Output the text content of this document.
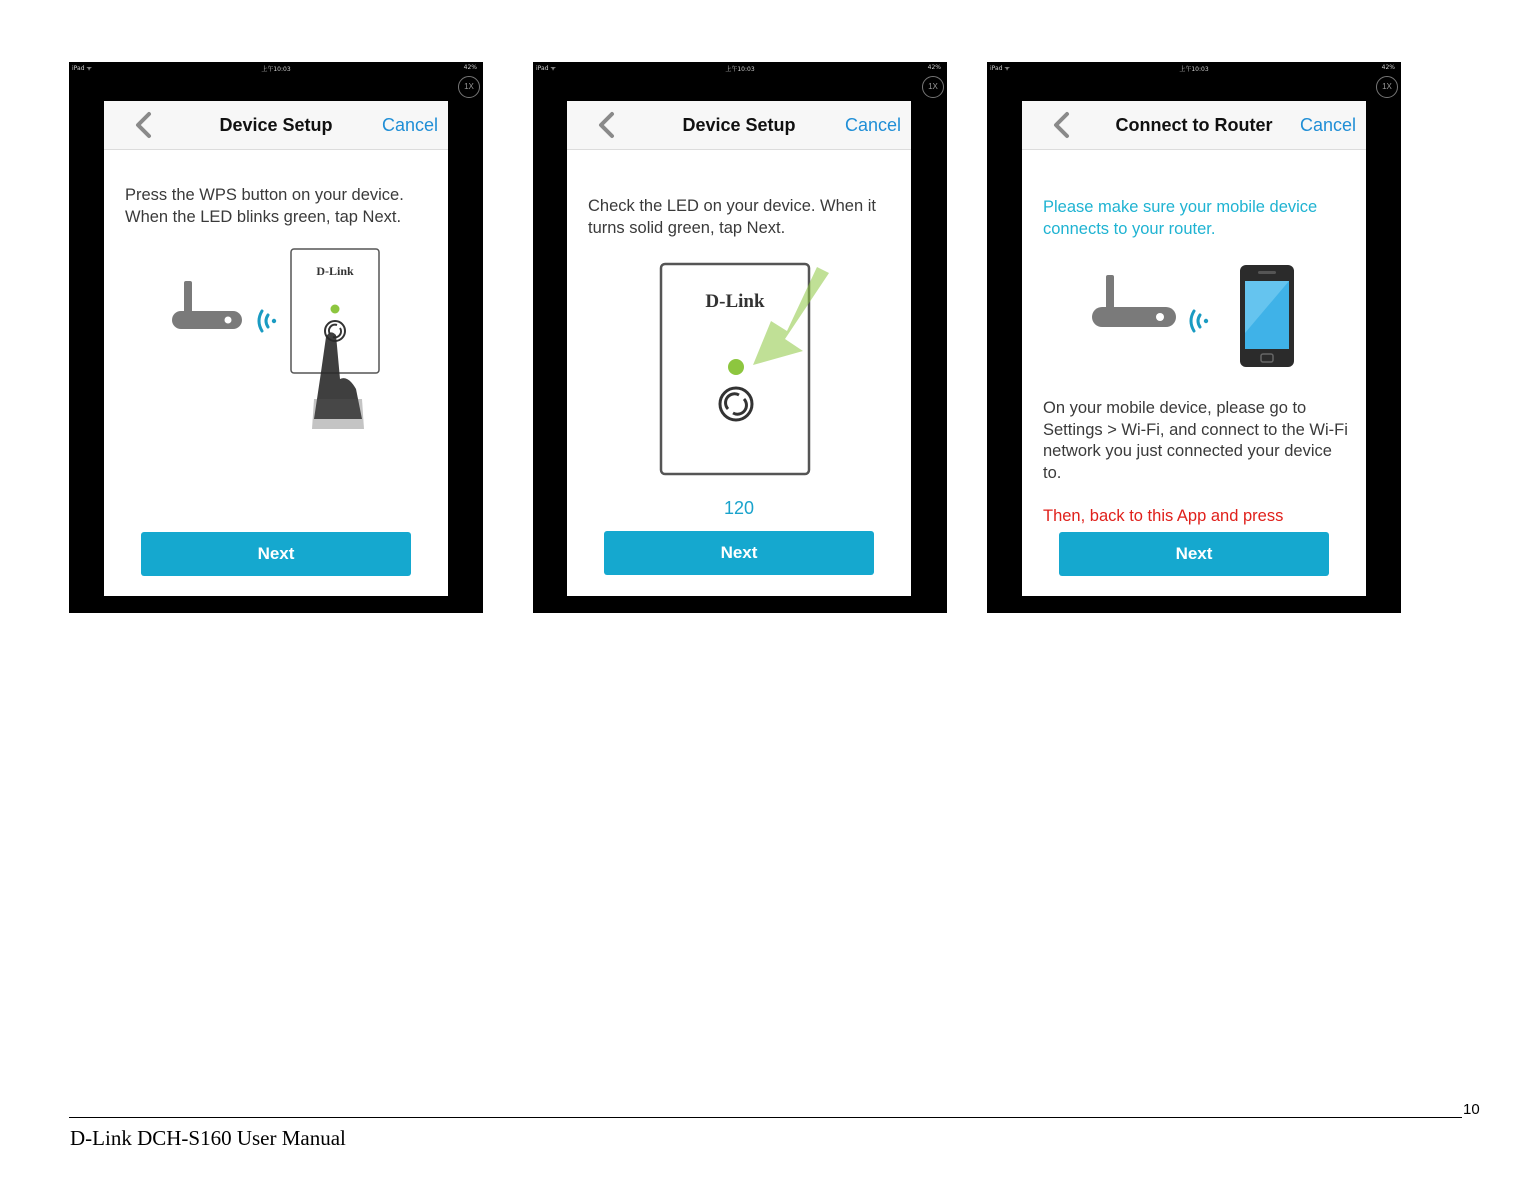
iPad ᯤ	上午10:03	42%
1X
Device Setup	Cancel
Press the WPS button on your device. When the LED blinks green, tap Next.
D-Link
Next
iPad ᯤ	上午10:03	42%
1X
Device Setup	Cancel
Check the LED on your device. When it turns solid green, tap Next.
D-Link
120
Next
iPad ᯤ	上午10:03	42%
1X
Connect to Router	Cancel
Please make sure your mobile device connects to your router.
On your mobile device, please go to Settings > Wi-Fi, and connect to the Wi-Fi network you just connected your device to.
Then, back to this App and press
Next
10
D-Link DCH-S160 User Manual
